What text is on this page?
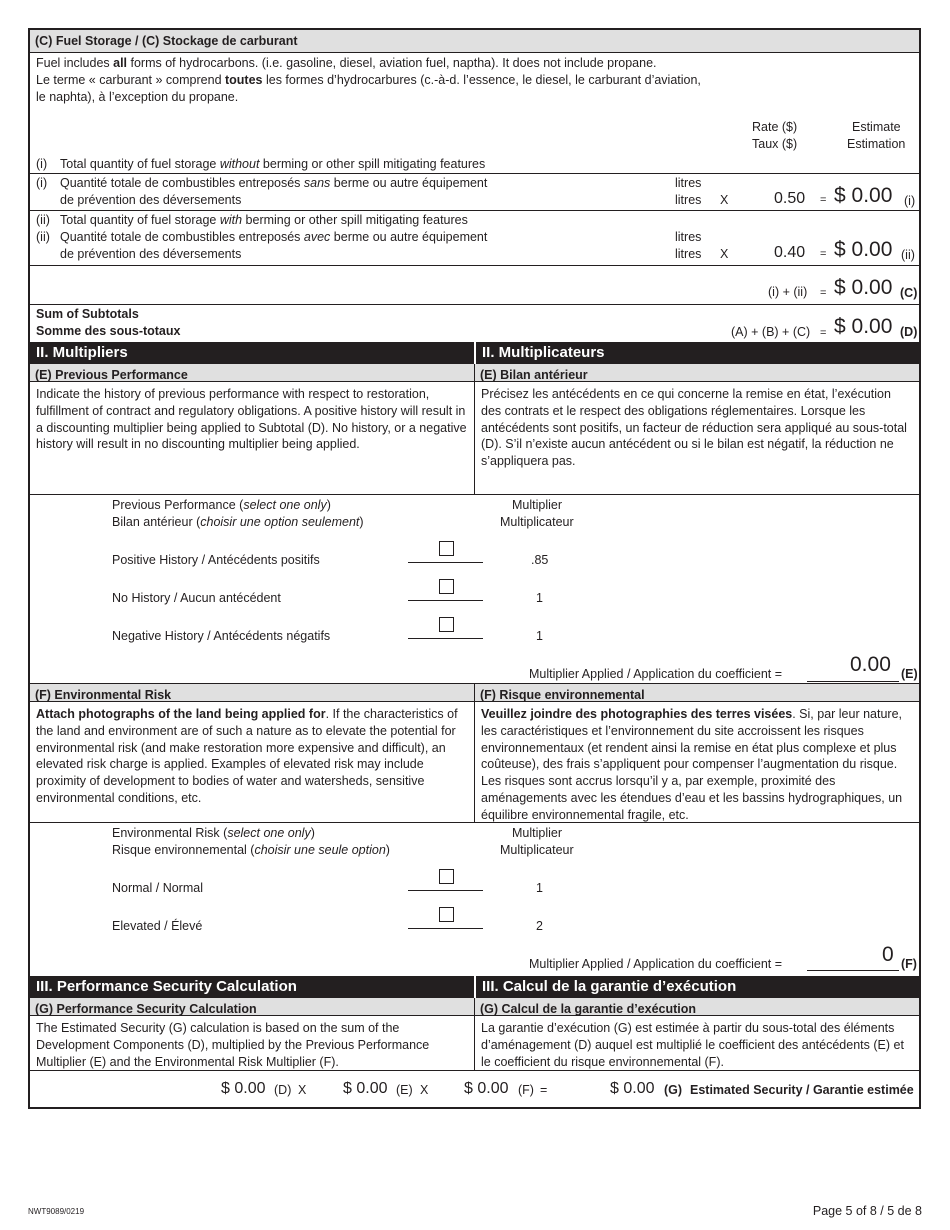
(C) Fuel Storage / (C) Stockage de carburant
Fuel includes all forms of hydrocarbons. (i.e. gasoline, diesel, aviation fuel, naptha). It does not include propane.
Le terme « carburant » comprend toutes les formes d’hydrocarbures (c.-à-d. l’essence, le diesel, le carburant d’aviation,
le naphta), à l’exception du propane.
Rate ($)
Taux ($)
Estimate
Estimation
(i) Total quantity of fuel storage without berming or other spill mitigating features
(i) Quantité totale de combustibles entreposés sans berme ou autre équipement
de prévention des déversements
litres
litres X	0.50 = $ 0.00 (i)
(ii) Total quantity of fuel storage with berming or other spill mitigating features
(ii) Quantité totale de combustibles entreposés avec berme ou autre équipement
de prévention des déversements
litres
litres X	0.40 = $ 0.00 (ii)
(i) + (ii) = $ 0.00 (C)
Sum of Subtotals
Somme des sous-totaux	(A) + (B) + (C) = $ 0.00 (D)
II. Multipliers	II. Multiplicateurs
(E) Previous Performance	(E) Bilan antérieur
Indicate the history of previous performance with respect to restoration, fulfillment of contract and regulatory obligations. A positive history will result in a discounting multiplier being applied to Subtotal (D). No history, or a negative history will result in no discounting multiplier being applied.
Précisez les antécédents en ce qui concerne la remise en état, l’exécution des contrats et le respect des obligations réglementaires. Lorsque les antécédents sont positifs, un facteur de réduction sera appliqué au sous-total (D). S’il n’existe aucun antécédent ou si le bilan est négatif, la réduction ne s’appliquera pas.
Previous Performance (select one only)
Bilan antérieur (choisir une option seulement)
Multiplier
Multiplicateur
Positive History / Antécédents positifs	.85
No History / Aucun antécédent	1
Negative History / Antécédents négatifs	1
Multiplier Applied / Application du coefficient =	0.00 (E)
(F) Environmental Risk	(F) Risque environnemental
Attach photographs of the land being applied for. If the characteristics of the land and environment are of such a nature as to elevate the potential for environmental risk (and make restoration more expensive and difficult), an elevated risk charge is applied. Examples of elevated risk may include proximity of development to bodies of water and watersheds, sensitive environmental conditions, etc.
Veuillez joindre des photographies des terres visées. Si, par leur nature, les caractéristiques et l’environnement du site accroissent les risques environnementaux (et rendent ainsi la remise en état plus complexe et plus coûteuse), des frais s’appliquent pour compenser l’augmentation du risque. Les risques sont accrus lorsqu’il y a, par exemple, proximité des aménagements avec les étendues d’eau et les bassins hydrographiques, un équilibre environnemental fragile, etc.
Environmental Risk (select one only)
Risque environnemental (choisir une seule option)
Multiplier
Multiplicateur
Normal / Normal	1
Elevated / Élevé	2
Multiplier Applied / Application du coefficient =	0 (F)
III. Performance Security Calculation	III. Calcul de la garantie d’exécution
(G) Performance Security Calculation	(G) Calcul de la garantie d’exécution
The Estimated Security (G) calculation is based on the sum of the Development Components (D), multiplied by the Previous Performance Multiplier (E) and the Environmental Risk Multiplier (F).
La garantie d’exécution (G) est estimée à partir du sous-total des éléments d’aménagement (D) auquel est multiplié le coefficient des antécédents (E) et le coefficient du risque environnemental (F).
$ 0.00 (D) X $ 0.00 (E) X $ 0.00 (F) =	$ 0.00 (G) Estimated Security / Garantie estimée
NWT9089/0219	Page 5 of 8 / 5 de 8
